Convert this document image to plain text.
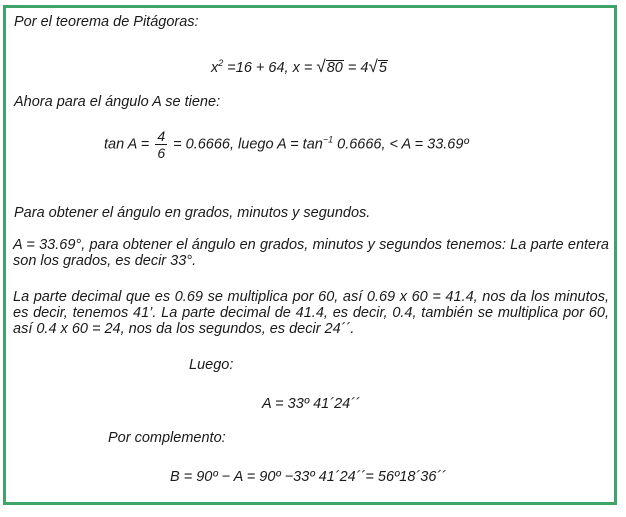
Por el teorema de Pitágoras:
$x^2 =16 + 64$, x = √80 = 4√5
Ahora para el ángulo A se tiene:
$\tan A = \frac{4}{6} = 0.6666$, luego $A = \tan^{-1} 0.6666$, < A = 33.69º
Para obtener el ángulo en grados, minutos y segundos.
A = 33.69°, para obtener el ángulo en grados, minutos y segundos tenemos: La parte entera son los grados, es decir 33°.
La parte decimal que es 0.69 se multiplica por 60, así 0.69 x 60 = 41.4, nos da los minutos, es decir, tenemos 41’. La parte decimal de 41.4, es decir, 0.4, también se multiplica por 60, así 0.4 x 60 = 24, nos da los segundos, es decir 24´´.
Luego:
A = 33º 41´24´´
Por complemento:
B = 90º − A = 90º −33º 41´24´´= 56º18´36´´
